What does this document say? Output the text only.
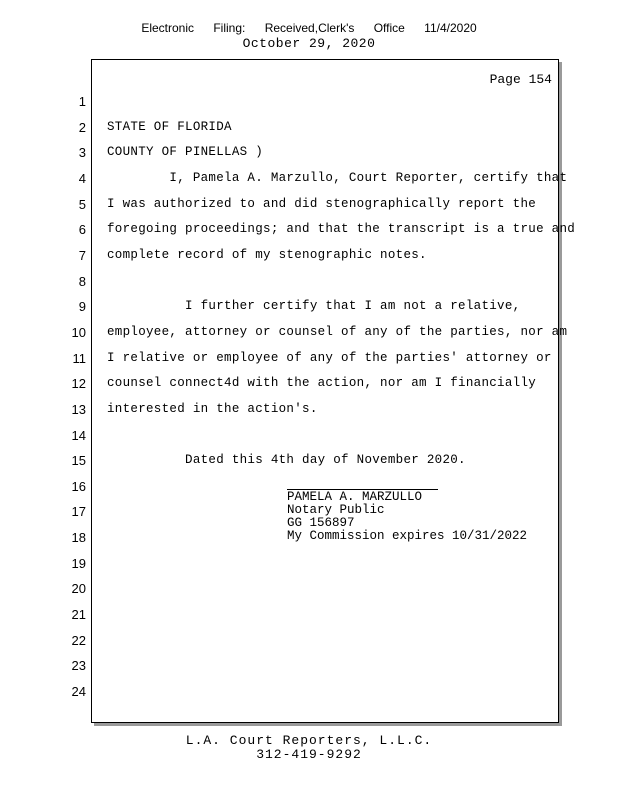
Electronic Filing: Received,Clerk's Office 11/4/2020
October 29, 2020
Page 154
1
2
3
4
5
6
7
8
9
10
11
12
13
14
15
16
17
18
19
20
21
22
23
24
STATE OF FLORIDA
COUNTY OF PINELLAS )
I, Pamela A. Marzullo, Court Reporter, certify that
I was authorized to and did stenographically report the
foregoing proceedings; and that the transcript is a true and
complete record of my stenographic notes.
I further certify that I am not a relative,
employee, attorney or counsel of any of the parties, nor am
I relative or employee of any of the parties' attorney or
counsel connect4d with the action, nor am I financially
interested in the action's.
Dated this 4th day of November 2020.
PAMELA A. MARZULLO
Notary Public
GG 156897
My Commission expires 10/31/2022
L.A. Court Reporters, L.L.C.
312-419-9292
